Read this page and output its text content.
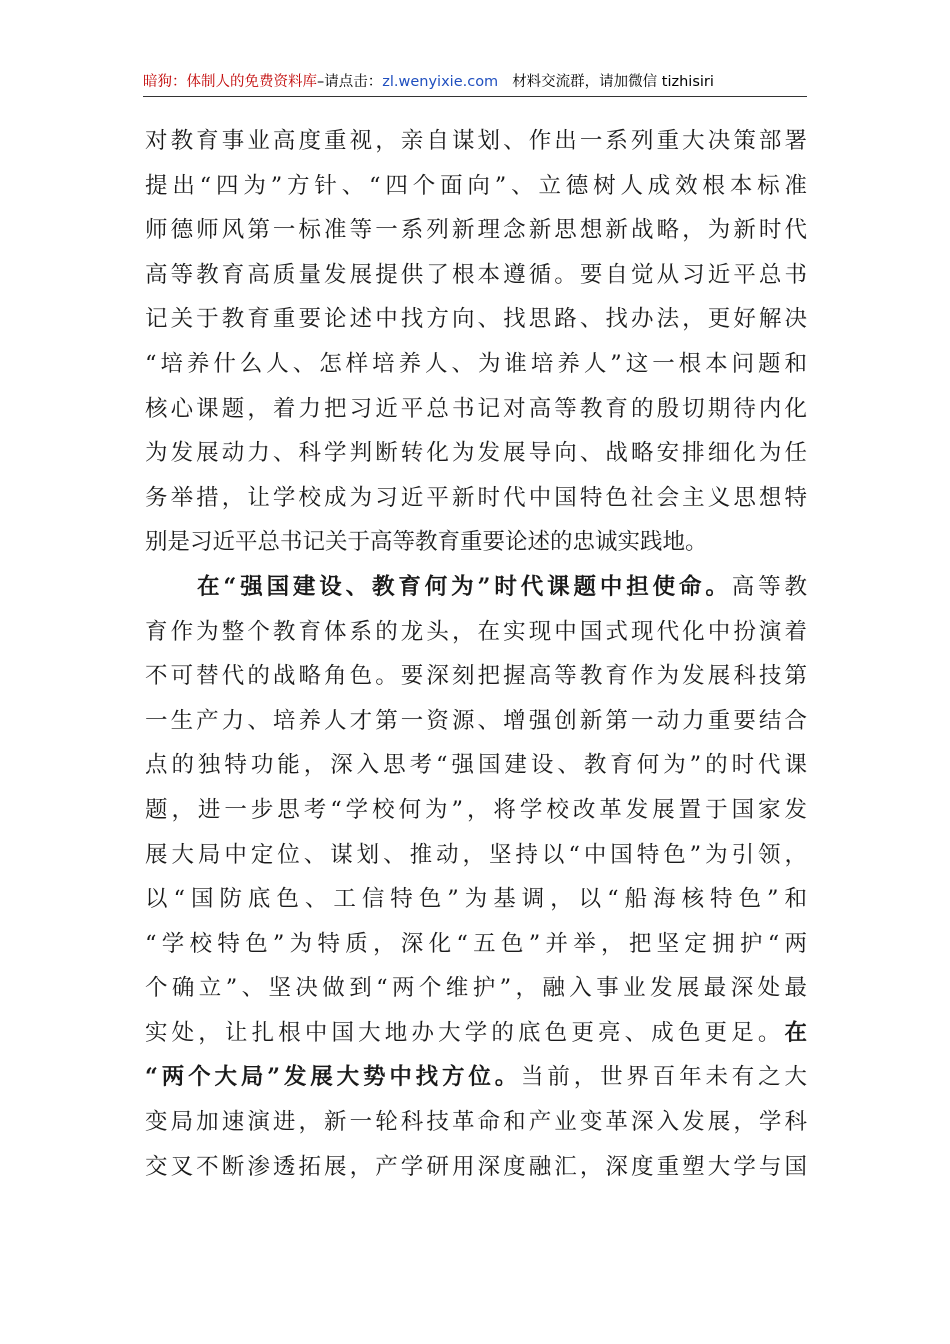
暗狗：体制人的免费资料库–请点击：zl.wenyixie.com 材料交流群，请加微信 tizhisiri
对教育事业高度重视，亲自谋划、作出一系列重大决策部署
提出“四为”方针、“四个面向”、立德树人成效根本标准
师德师风第一标准等一系列新理念新思想新战略，为新时代
高等教育高质量发展提供了根本遵循。要自觉从习近平总书
记关于教育重要论述中找方向、找思路、找办法，更好解决
“培养什么人、怎样培养人、为谁培养人”这一根本问题和
核心课题，着力把习近平总书记对高等教育的殷切期待内化
为发展动力、科学判断转化为发展导向、战略安排细化为任
务举措，让学校成为习近平新时代中国特色社会主义思想特
别是习近平总书记关于高等教育重要论述的忠诚实践地。
在“强国建设、教育何为”时代课题中担使命。高等教
育作为整个教育体系的龙头，在实现中国式现代化中扮演着
不可替代的战略角色。要深刻把握高等教育作为发展科技第
一生产力、培养人才第一资源、增强创新第一动力重要结合
点的独特功能，深入思考“强国建设、教育何为”的时代课
题，进一步思考“学校何为”，将学校改革发展置于国家发
展大局中定位、谋划、推动，坚持以“中国特色”为引领，
以“国防底色、工信特色”为基调，以“船海核特色”和
“学校特色”为特质，深化“五色”并举，把坚定拥护“两
个确立”、坚决做到“两个维护”，融入事业发展最深处最
实处，让扎根中国大地办大学的底色更亮、成色更足。在
“两个大局”发展大势中找方位。当前，世界百年未有之大
变局加速演进，新一轮科技革命和产业变革深入发展，学科
交叉不断渗透拓展，产学研用深度融汇，深度重塑大学与国
